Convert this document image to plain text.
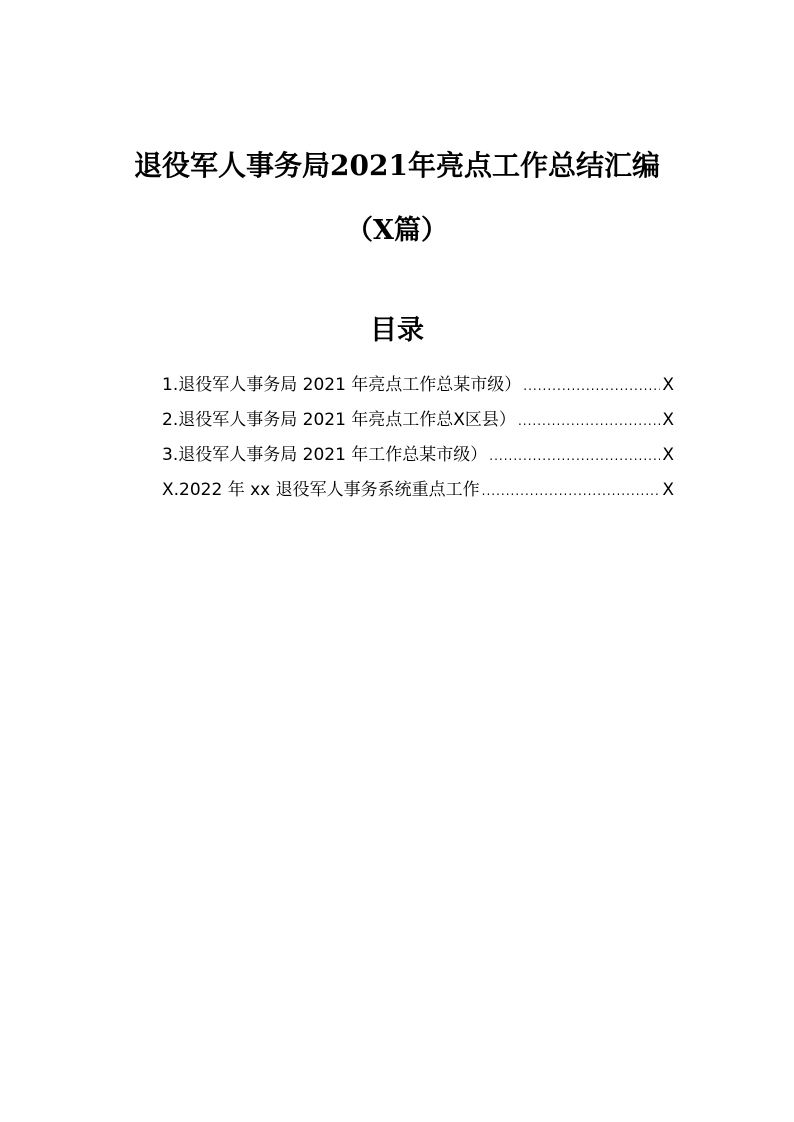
退役军人事务局2021年亮点工作总结汇编
（X篇）
目录
1.退役军人事务局 2021 年亮点工作总某市级） .....	X
2.退役军人事务局 2021 年亮点工作总X区县） .....	X
3.退役军人事务局 2021 年工作总某市级） .....	X
X.2022 年 xx 退役军人事务系统重点工作 .....	X
